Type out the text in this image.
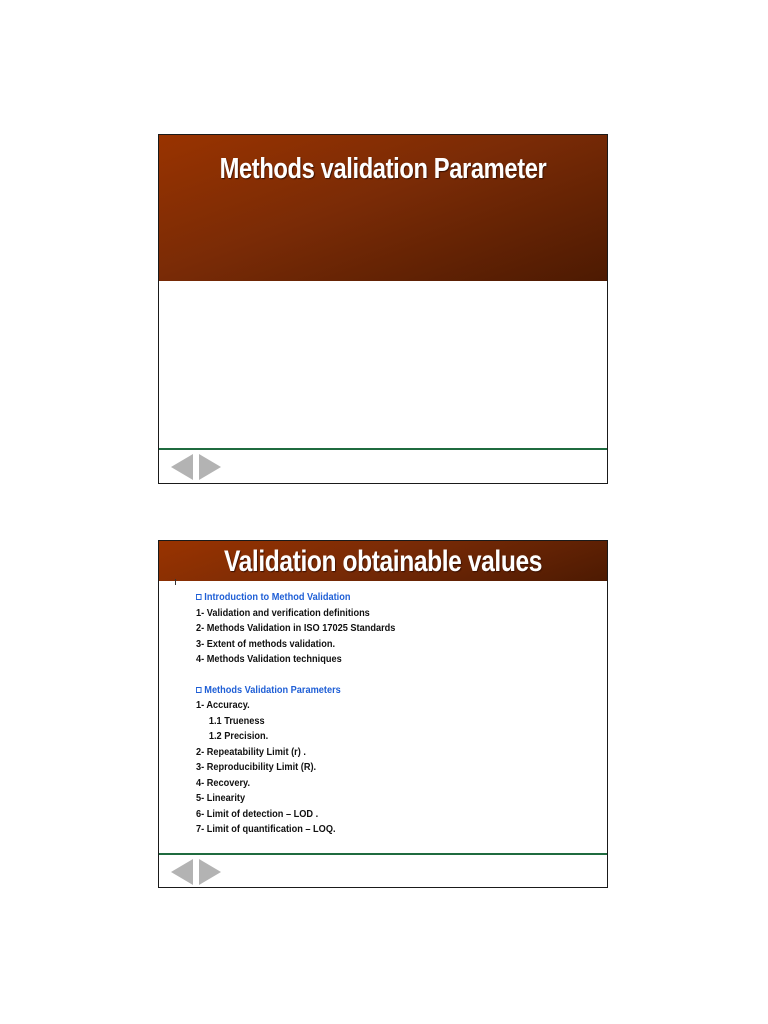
Methods validation Parameter
Validation obtainable values
Introduction to Method Validation
1- Validation and verification definitions
2- Methods Validation in ISO 17025 Standards
3- Extent of methods validation.
4- Methods Validation techniques
Methods Validation Parameters
1- Accuracy.
1.1 Trueness
1.2 Precision.
2- Repeatability Limit (r) .
3- Reproducibility Limit (R).
4- Recovery.
5- Linearity
6- Limit of detection – LOD .
7- Limit of quantification – LOQ.
